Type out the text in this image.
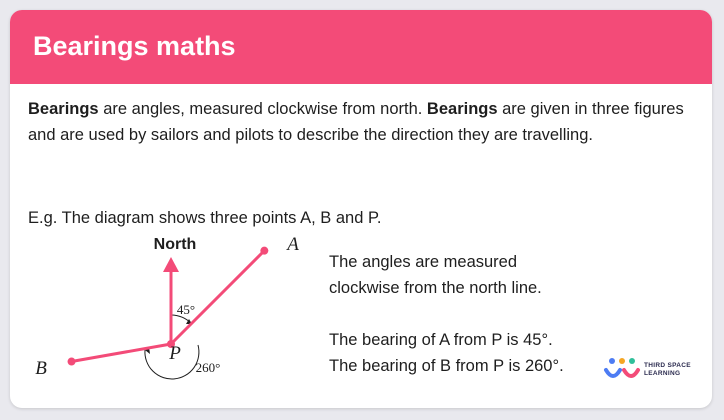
Bearings maths

Bearings are angles, measured clockwise from north. Bearings are given in three figures and are used by sailors and pilots to describe the direction they are travelling.

E.g. The diagram shows three points A, B and P.

North	A
B
P
45°
260°

The angles are measured

clockwise from the north line.

The bearing of A from P is 45°.

The bearing of B from P is 260°.	THIRD SPACE
LEARNING
